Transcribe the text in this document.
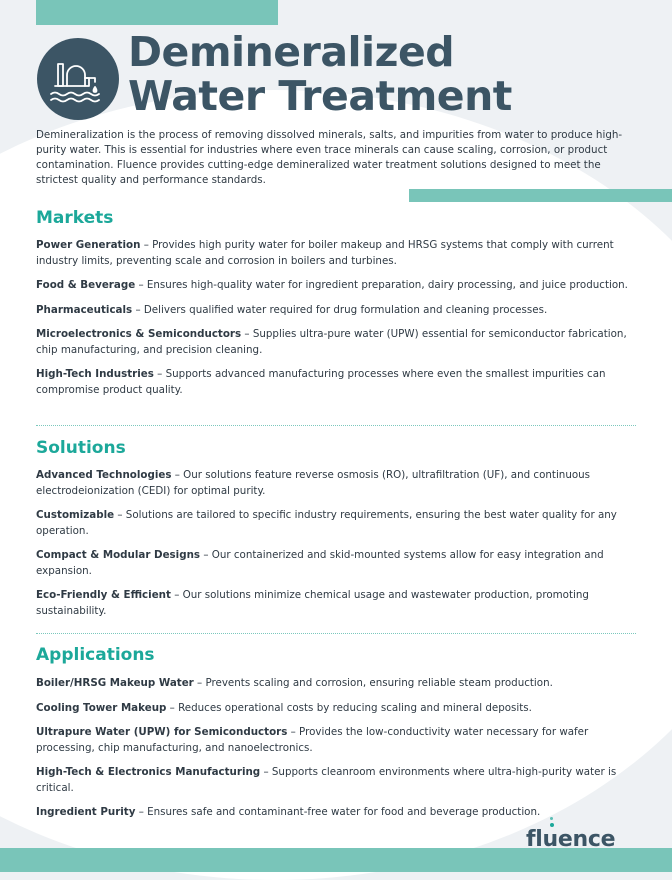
Demineralized
Water Treatment

Demineralization is the process of removing dissolved minerals, salts, and impurities from water to produce high-purity water. This is essential for industries where even trace minerals can cause scaling, corrosion, or product contamination. Fluence provides cutting-edge demineralized water treatment solutions designed to meet the strictest quality and performance standards.

Markets

Power Generation – Provides high purity water for boiler makeup and HRSG systems that comply with current industry limits, preventing scale and corrosion in boilers and turbines.

Food & Beverage – Ensures high-quality water for ingredient preparation, dairy processing, and juice production.

Pharmaceuticals – Delivers qualified water required for drug formulation and cleaning processes.

Microelectronics & Semiconductors – Supplies ultra-pure water (UPW) essential for semiconductor fabrication, chip manufacturing, and precision cleaning.

High-Tech Industries – Supports advanced manufacturing processes where even the smallest impurities can compromise product quality.

Solutions

Advanced Technologies – Our solutions feature reverse osmosis (RO), ultrafiltration (UF), and continuous electrodeionization (CEDI) for optimal purity.

Customizable – Solutions are tailored to specific industry requirements, ensuring the best water quality for any operation.

Compact & Modular Designs – Our containerized and skid-mounted systems allow for easy integration and expansion.

Eco-Friendly & Efficient – Our solutions minimize chemical usage and wastewater production, promoting sustainability.

Applications

Boiler/HRSG Makeup Water – Prevents scaling and corrosion, ensuring reliable steam production.

Cooling Tower Makeup – Reduces operational costs by reducing scaling and mineral deposits.

Ultrapure Water (UPW) for Semiconductors – Provides the low-conductivity water necessary for wafer processing, chip manufacturing, and nanoelectronics.

High-Tech & Electronics Manufacturing – Supports cleanroom environments where ultra-high-purity water is critical.

Ingredient Purity – Ensures safe and contaminant-free water for food and beverage production.

fluence
